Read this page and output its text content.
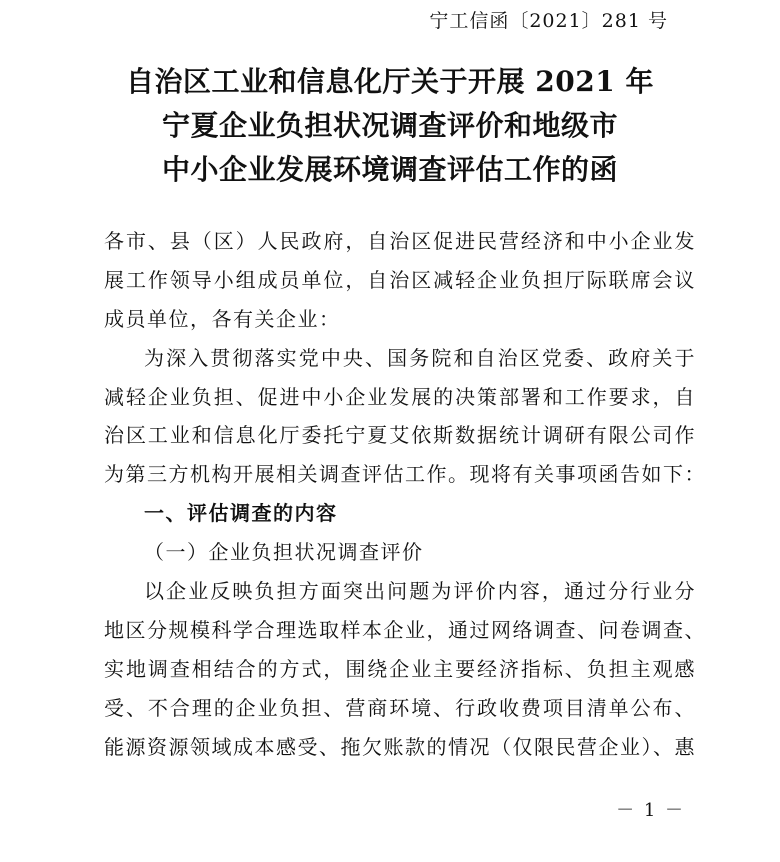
宁工信函〔2021〕281 号
自治区工业和信息化厅关于开展 2021 年
宁夏企业负担状况调查评价和地级市
中小企业发展环境调查评估工作的函
各市、县（区）人民政府，自治区促进民营经济和中小企业发
展工作领导小组成员单位，自治区减轻企业负担厅际联席会议
成员单位，各有关企业：
为深入贯彻落实党中央、国务院和自治区党委、政府关于
减轻企业负担、促进中小企业发展的决策部署和工作要求，自
治区工业和信息化厅委托宁夏艾依斯数据统计调研有限公司作
为第三方机构开展相关调查评估工作。现将有关事项函告如下：
一、评估调查的内容
（一）企业负担状况调查评价
以企业反映负担方面突出问题为评价内容，通过分行业分
地区分规模科学合理选取样本企业，通过网络调查、问卷调查、
实地调查相结合的方式，围绕企业主要经济指标、负担主观感
受、不合理的企业负担、营商环境、行政收费项目清单公布、
能源资源领域成本感受、拖欠账款的情况（仅限民营企业）、惠
－ 1 －
